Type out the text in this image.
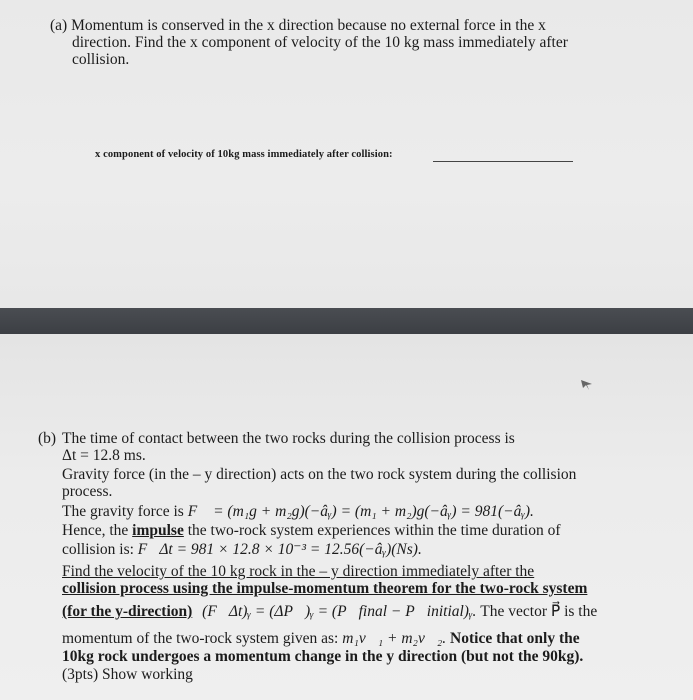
(a) Momentum is conserved in the x direction because no external force in the x
direction. Find the x component of velocity of the 10 kg mass immediately after
collision.
x component of velocity of 10kg mass immediately after collision:
(b) The time of contact between the two rocks during the collision process is
Δt = 12.8 ms.
Gravity force (in the – y direction) acts on the two rock system during the collision
process.
The gravity force is F⃗ = (m₁g + m₂g)(−âᵧ) = (m₁ + m₂)g(−âᵧ) = 981(−âᵧ).
Hence, the impulse the two-rock system experiences within the time duration of
collision is: F⃗Δt = 981 × 12.8 × 10⁻³ = 12.56(−âᵧ)(Ns).
Find the velocity of the 10 kg rock in the – y direction immediately after the
collision process using the impulse-momentum theorem for the two-rock system
(for the y-direction) (F⃗Δt)ᵧ = (ΔP⃗)ᵧ = (P⃗final − P⃗initial)ᵧ. The vector P⃗ is the
momentum of the two-rock system given as: m₁v⃗₁ + m₂v⃗₂. Notice that only the
10kg rock undergoes a momentum change in the y direction (but not the 90kg).
(3pts) Show working
